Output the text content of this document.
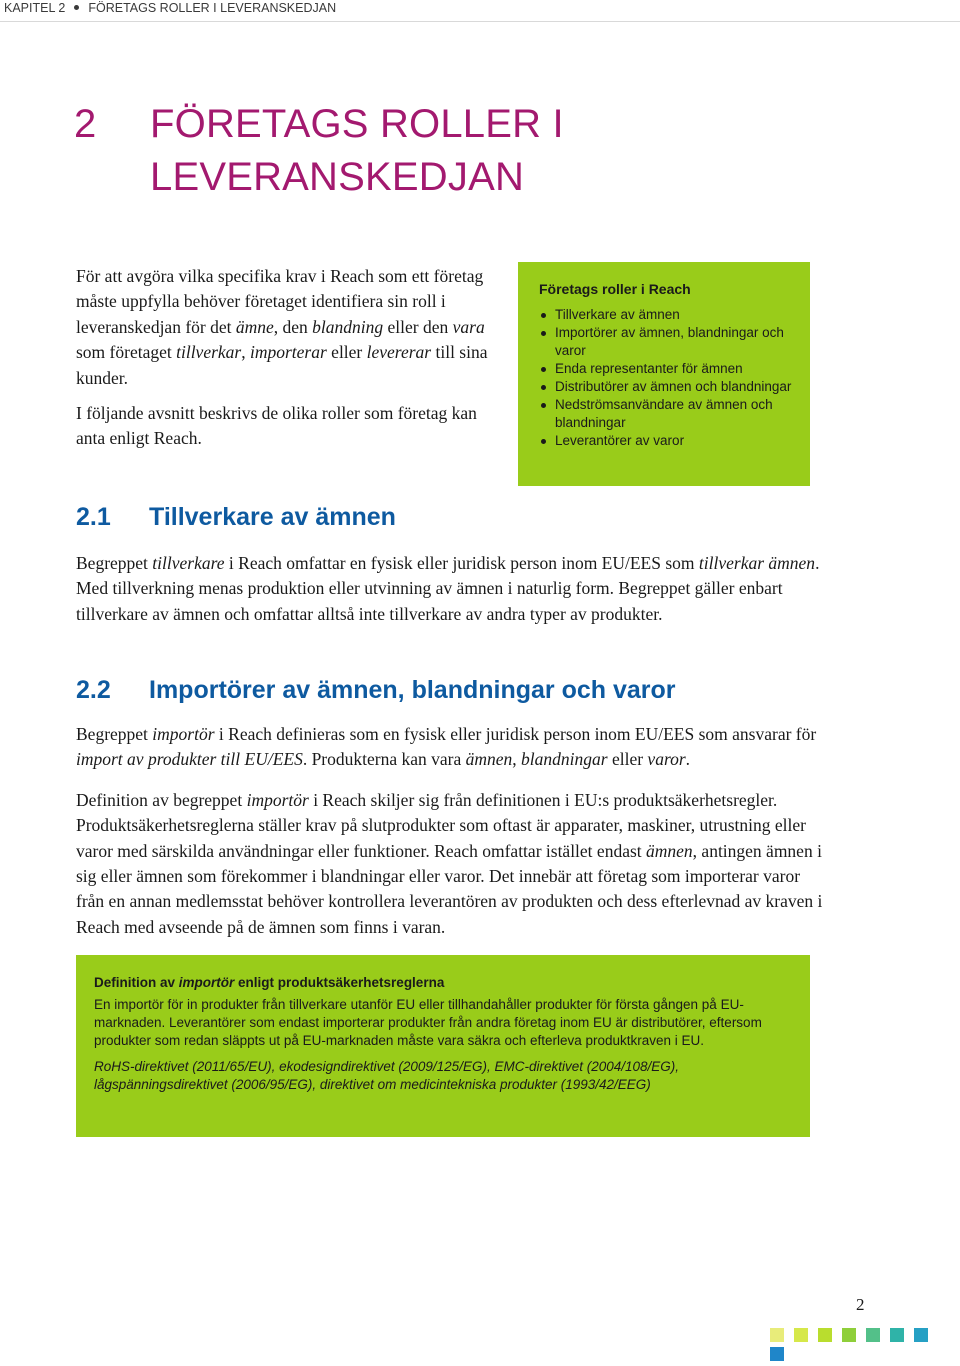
KAPITEL 2 FÖRETAGS ROLLER I LEVERANSKEDJAN
2 FÖRETAGS ROLLER I
LEVERANSKEDJAN

För att avgöra vilka specifika krav i Reach som ett företag måste uppfylla behöver företaget identifiera sin roll i leveranskedjan för det ämne, den blandning eller den vara som företaget tillverkar, importerar eller levererar till sina kunder.

I följande avsnitt beskrivs de olika roller som företag kan anta enligt Reach.

Företags roller i Reach
Tillverkare av ämnen
Importörer av ämnen, blandningar och varor
Enda representanter för ämnen
Distributörer av ämnen och blandningar
Nedströmsanvändare av ämnen och blandningar
Leverantörer av varor
2.1 Tillverkare av ämnen

Begreppet tillverkare i Reach omfattar en fysisk eller juridisk person inom EU/EES som tillverkar ämnen. Med tillverkning menas produktion eller utvinning av ämnen i naturlig form. Begreppet gäller enbart tillverkare av ämnen och omfattar alltså inte tillverkare av andra typer av produkter.

2.2 Importörer av ämnen, blandningar och varor

Begreppet importör i Reach definieras som en fysisk eller juridisk person inom EU/EES som ansvarar för import av produkter till EU/EES. Produkterna kan vara ämnen, blandningar eller varor.

Definition av begreppet importör i Reach skiljer sig från definitionen i EU:s produktsäkerhetsregler. Produktsäkerhetsreglerna ställer krav på slutprodukter som oftast är apparater, maskiner, utrustning eller varor med särskilda användningar eller funktioner. Reach omfattar istället endast ämnen, antingen ämnen i sig eller ämnen som förekommer i blandningar eller varor. Det innebär att företag som importerar varor från en annan medlemsstat behöver kontrollera leverantören av produkten och dess efterlevnad av kraven i Reach med avseende på de ämnen som finns i varan.

Definition av importör enligt produktsäkerhetsreglerna

En importör för in produkter från tillverkare utanför EU eller tillhandahåller produkter för första gången på EU-marknaden. Leverantörer som endast importerar produkter från andra företag inom EU är distributörer, eftersom produkter som redan släppts ut på EU-marknaden måste vara säkra och efterleva produktkraven i EU.

RoHS-direktivet (2011/65/EU), ekodesigndirektivet (2009/125/EG), EMC-direktivet (2004/108/EG), lågspänningsdirektivet (2006/95/EG), direktivet om medicintekniska produkter (1993/42/EEG)

2
